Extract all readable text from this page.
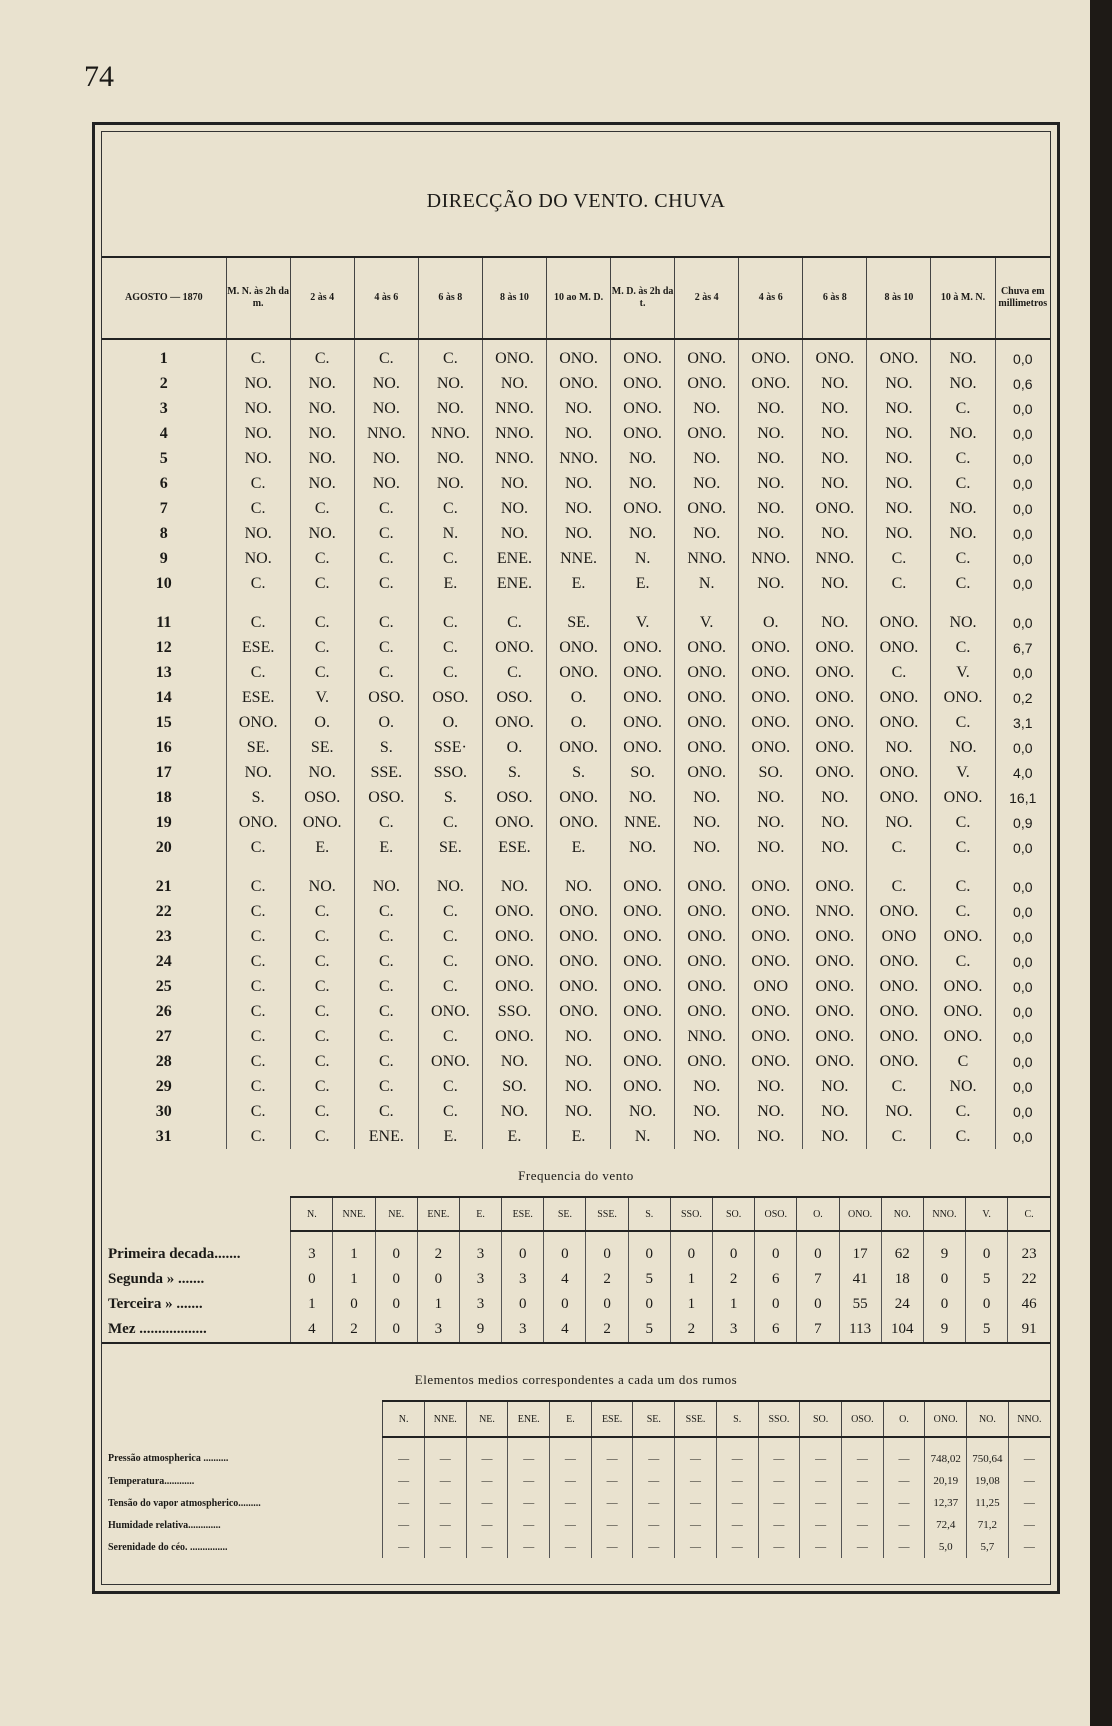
74
DIRECÇÃO DO VENTO. CHUVA
AGOSTO — 1870	M. N. às 2h da m.	2 às 4	4 às 6	6 às 8	8 às 10	10 ao M. D.	M. D. às 2h da t.	2 às 4	4 às 6	6 às 8	8 às 10	10 à M. N.	Chuva em millimetros
1	C.	C.	C.	C.	ONO.	ONO.	ONO.	ONO.	ONO.	ONO.	ONO.	NO.	0,0
2	NO.	NO.	NO.	NO.	NO.	ONO.	ONO.	ONO.	ONO.	NO.	NO.	NO.	0,6
3	NO.	NO.	NO.	NO.	NNO.	NO.	ONO.	NO.	NO.	NO.	NO.	C.	0,0
4	NO.	NO.	NNO.	NNO.	NNO.	NO.	ONO.	ONO.	NO.	NO.	NO.	NO.	0,0
5	NO.	NO.	NO.	NO.	NNO.	NNO.	NO.	NO.	NO.	NO.	NO.	C.	0,0
6	C.	NO.	NO.	NO.	NO.	NO.	NO.	NO.	NO.	NO.	NO.	C.	0,0
7	C.	C.	C.	C.	NO.	NO.	ONO.	ONO.	NO.	ONO.	NO.	NO.	0,0
8	NO.	NO.	C.	N.	NO.	NO.	NO.	NO.	NO.	NO.	NO.	NO.	0,0
9	NO.	C.	C.	C.	ENE.	NNE.	N.	NNO.	NNO.	NNO.	C.	C.	0,0
10	C.	C.	C.	E.	ENE.	E.	E.	N.	NO.	NO.	C.	C.	0,0
11	C.	C.	C.	C.	C.	SE.	V.	V.	O.	NO.	ONO.	NO.	0,0
12	ESE.	C.	C.	C.	ONO.	ONO.	ONO.	ONO.	ONO.	ONO.	ONO.	C.	6,7
13	C.	C.	C.	C.	C.	ONO.	ONO.	ONO.	ONO.	ONO.	C.	V.	0,0
14	ESE.	V.	OSO.	OSO.	OSO.	O.	ONO.	ONO.	ONO.	ONO.	ONO.	ONO.	0,2
15	ONO.	O.	O.	O.	ONO.	O.	ONO.	ONO.	ONO.	ONO.	ONO.	C.	3,1
16	SE.	SE.	S.	SSE·	O.	ONO.	ONO.	ONO.	ONO.	ONO.	NO.	NO.	0,0
17	NO.	NO.	SSE.	SSO.	S.	S.	SO.	ONO.	SO.	ONO.	ONO.	V.	4,0
18	S.	OSO.	OSO.	S.	OSO.	ONO.	NO.	NO.	NO.	NO.	ONO.	ONO.	16,1
19	ONO.	ONO.	C.	C.	ONO.	ONO.	NNE.	NO.	NO.	NO.	NO.	C.	0,9
20	C.	E.	E.	SE.	ESE.	E.	NO.	NO.	NO.	NO.	C.	C.	0,0
21	C.	NO.	NO.	NO.	NO.	NO.	ONO.	ONO.	ONO.	ONO.	C.	C.	0,0
22	C.	C.	C.	C.	ONO.	ONO.	ONO.	ONO.	ONO.	NNO.	ONO.	C.	0,0
23	C.	C.	C.	C.	ONO.	ONO.	ONO.	ONO.	ONO.	ONO.	ONO	ONO.	0,0
24	C.	C.	C.	C.	ONO.	ONO.	ONO.	ONO.	ONO.	ONO.	ONO.	C.	0,0
25	C.	C.	C.	C.	ONO.	ONO.	ONO.	ONO.	ONO	ONO.	ONO.	ONO.	0,0
26	C.	C.	C.	ONO.	SSO.	ONO.	ONO.	ONO.	ONO.	ONO.	ONO.	ONO.	0,0
27	C.	C.	C.	C.	ONO.	NO.	ONO.	NNO.	ONO.	ONO.	ONO.	ONO.	0,0
28	C.	C.	C.	ONO.	NO.	NO.	ONO.	ONO.	ONO.	ONO.	ONO.	C	0,0
29	C.	C.	C.	C.	SO.	NO.	ONO.	NO.	NO.	NO.	C.	NO.	0,0
30	C.	C.	C.	C.	NO.	NO.	NO.	NO.	NO.	NO.	NO.	C.	0,0
31	C.	C.	ENE.	E.	E.	E.	N.	NO.	NO.	NO.	C.	C.	0,0
Frequencia do vento
	N.	NNE.	NE.	ENE.	E.	ESE.	SE.	SSE.	S.	SSO.	SO.	OSO.	O.	ONO.	NO.	NNO.	V.	C.
Primeira decada.......	3	1	0	2	3	0	0	0	0	0	0	0	0	17	62	9	0	23
Segunda » .......	0	1	0	0	3	3	4	2	5	1	2	6	7	41	18	0	5	22
Terceira » .......	1	0	0	1	3	0	0	0	0	1	1	0	0	55	24	0	0	46
Mez ..................	4	2	0	3	9	3	4	2	5	2	3	6	7	113	104	9	5	91
Elementos medios correspondentes a cada um dos rumos
	N.	NNE.	NE.	ENE.	E.	ESE.	SE.	SSE.	S.	SSO.	SO.	OSO.	O.	ONO.	NO.	NNO.
Pressão atmospherica ..........	—	—	—	—	—	—	—	—	—	—	—	—	—	748,02	750,64	—
Temperatura............	—	—	—	—	—	—	—	—	—	—	—	—	—	20,19	19,08	—
Tensão do vapor atmospherico.........	—	—	—	—	—	—	—	—	—	—	—	—	—	12,37	11,25	—
Humidade relativa.............	—	—	—	—	—	—	—	—	—	—	—	—	—	72,4	71,2	—
Serenidade do céo. ...............	—	—	—	—	—	—	—	—	—	—	—	—	—	5,0	5,7	—
